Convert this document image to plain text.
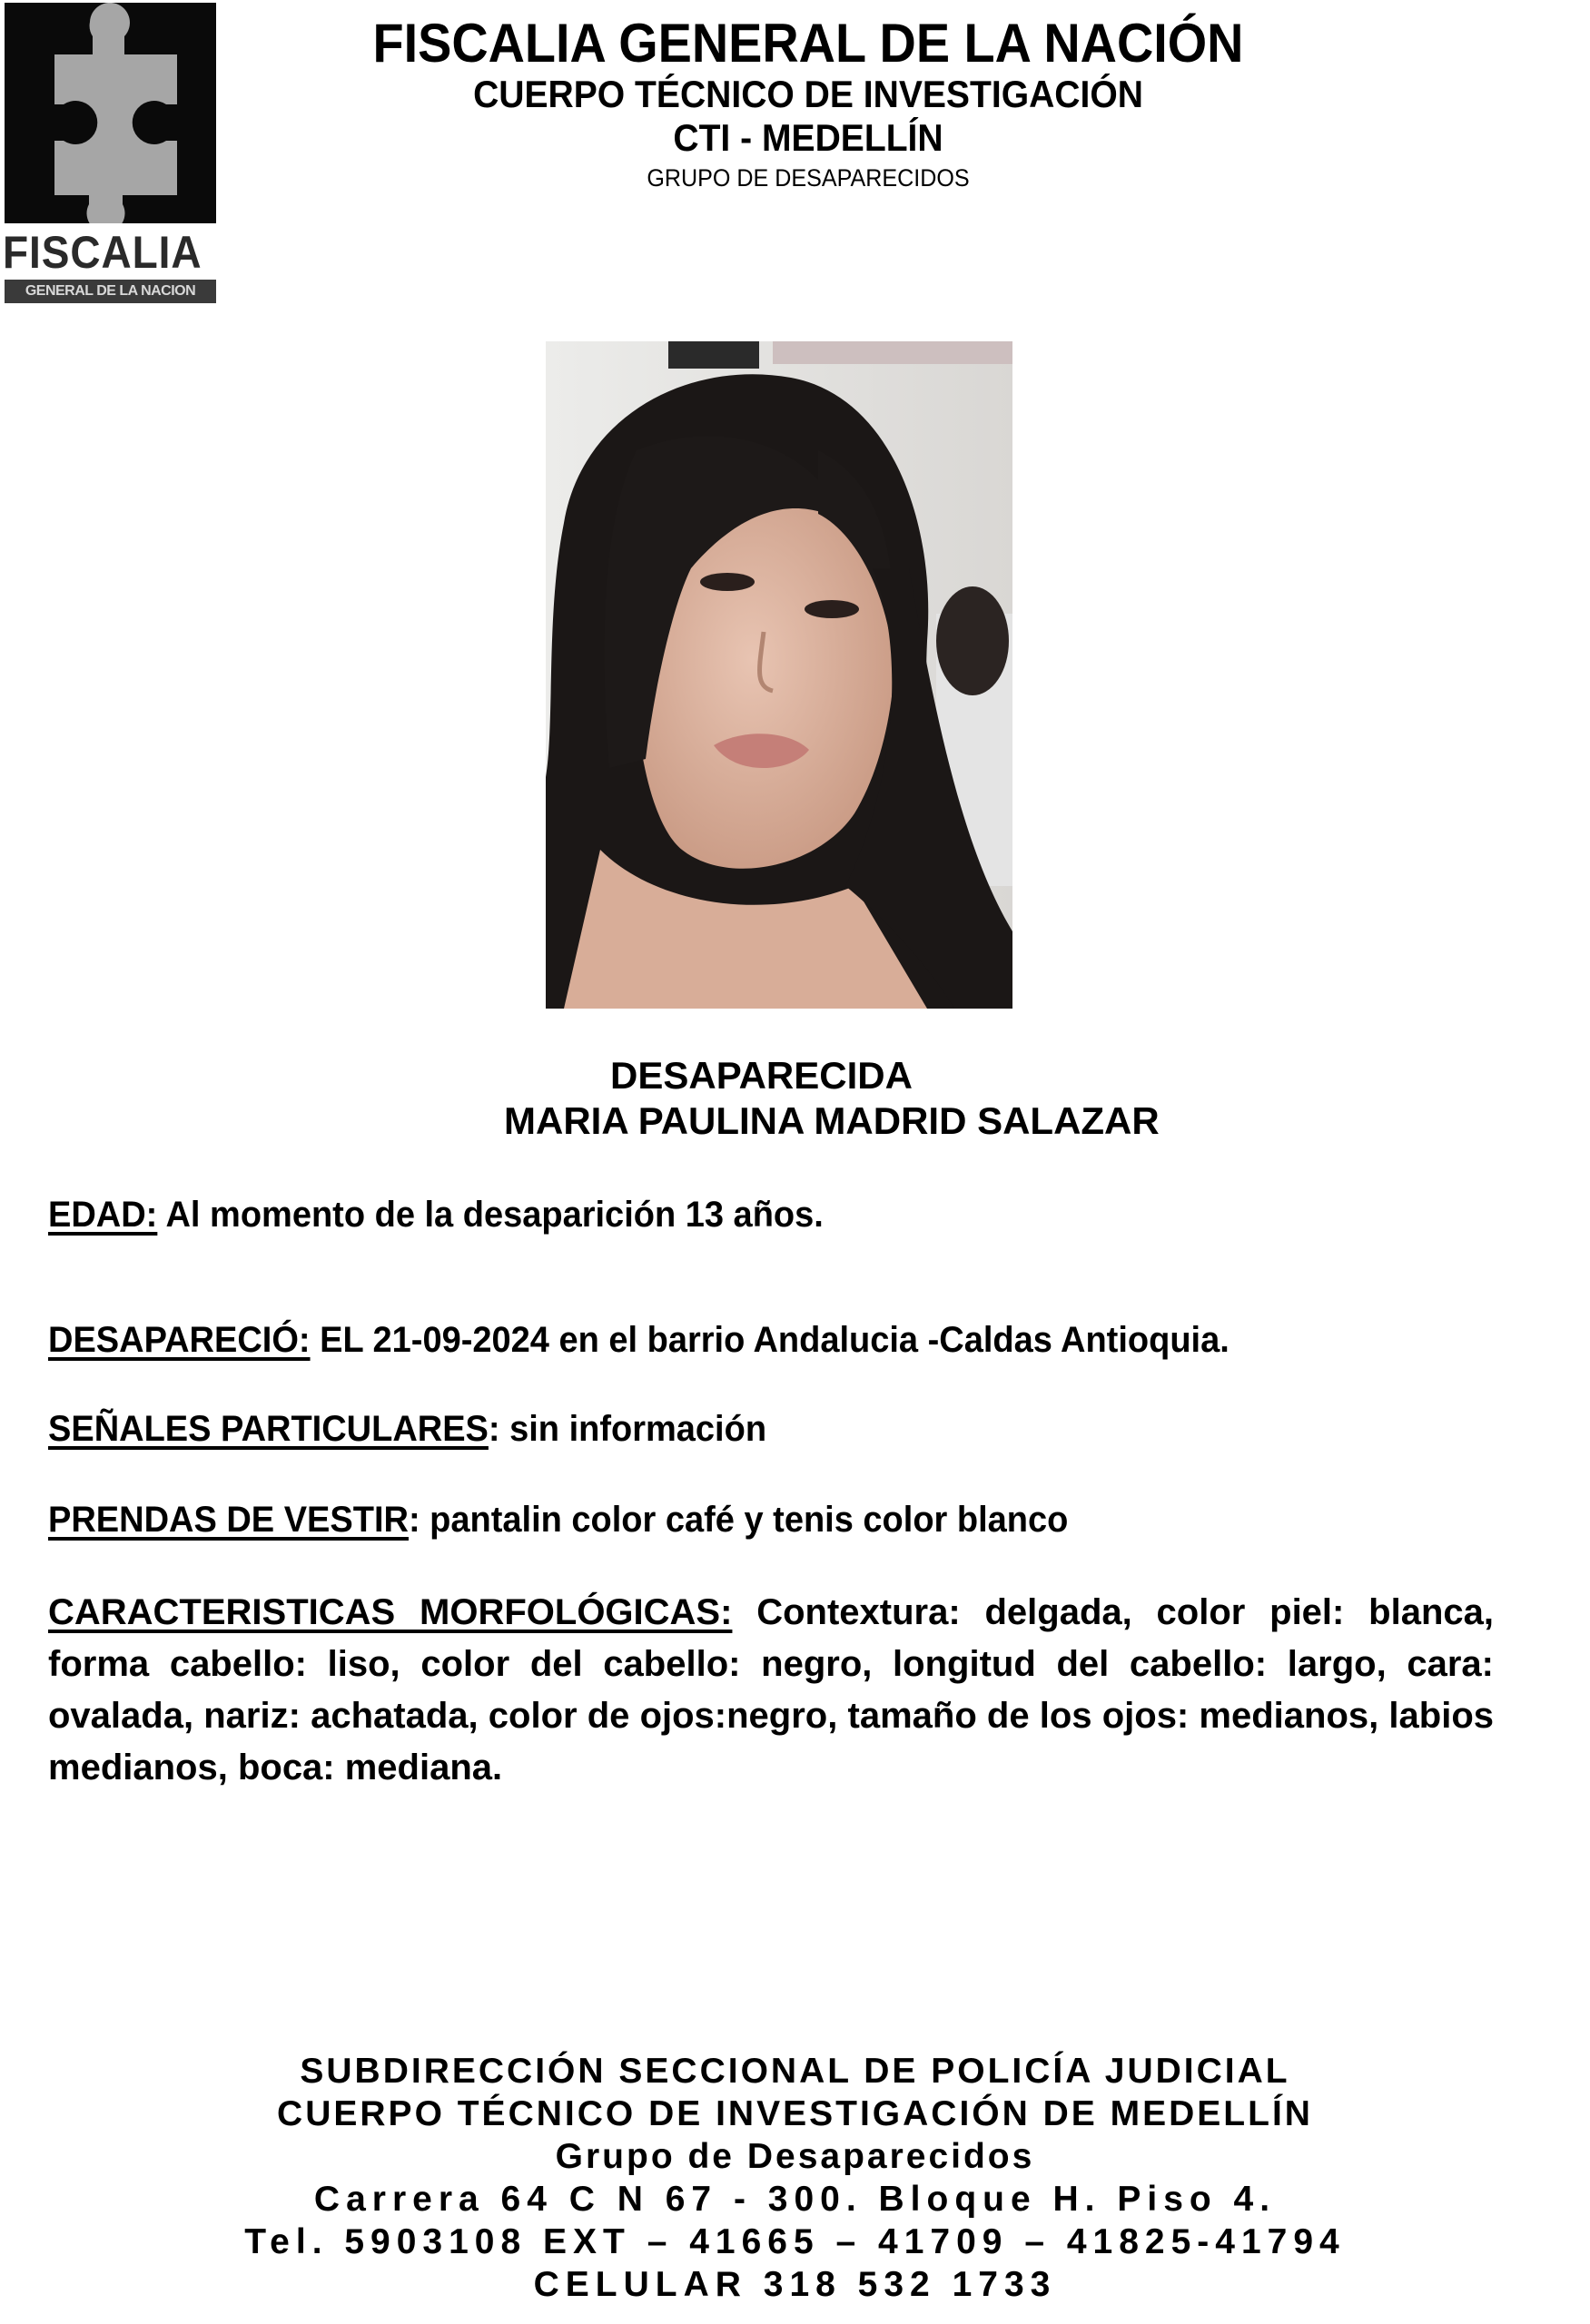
FISCALIA
GENERAL DE LA NACION
FISCALIA GENERAL DE LA NACIÓN
CUERPO TÉCNICO DE INVESTIGACIÓN
CTI - MEDELLÍN
GRUPO DE DESAPARECIDOS
DESAPARECIDA
MARIA PAULINA MADRID SALAZAR
EDAD: Al momento de la desaparición 13 años.
DESAPARECIÓ: EL 21-09-2024 en el barrio Andalucia -Caldas Antioquia.
SEÑALES PARTICULARES: sin información
PRENDAS DE VESTIR: pantalin color café y tenis color blanco
CARACTERISTICAS MORFOLÓGICAS: Contextura: delgada, color piel: blanca, forma cabello: liso, color del cabello: negro, longitud del cabello: largo, cara: ovalada, nariz: achatada, color de ojos:negro, tamaño de los ojos: medianos, labios medianos, boca: mediana.
SUBDIRECCIÓN SECCIONAL DE POLICÍA JUDICIAL
CUERPO TÉCNICO DE INVESTIGACIÓN DE MEDELLÍN
Grupo de Desaparecidos
Carrera 64 C N 67 - 300. Bloque H. Piso 4.
Tel. 5903108 EXT – 41665 – 41709 – 41825-41794
CELULAR 318 532 1733
